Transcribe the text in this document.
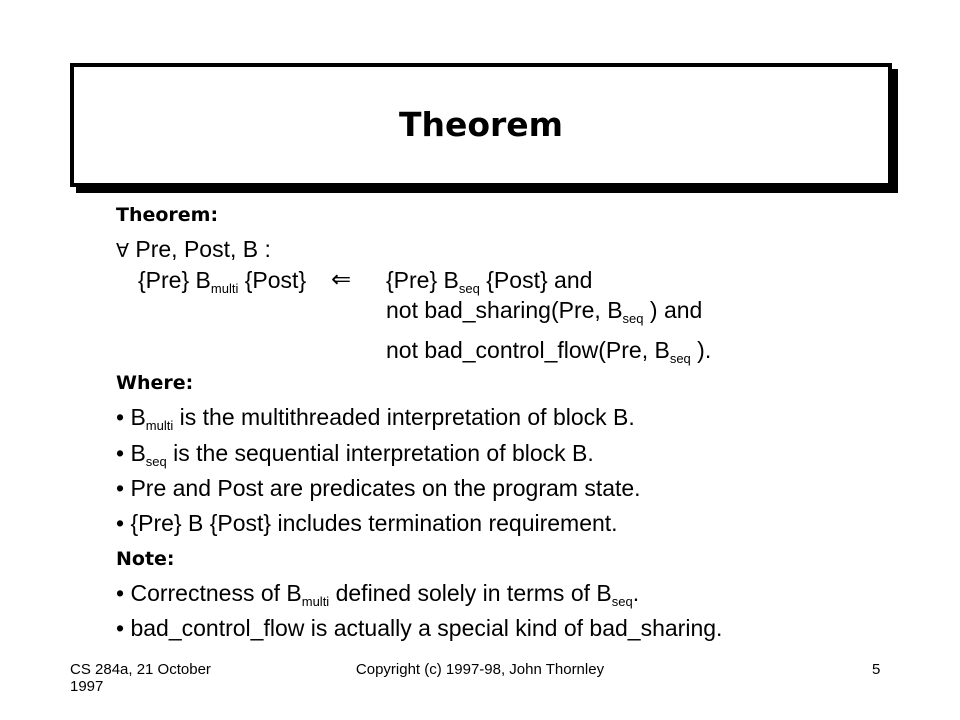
Theorem
Theorem:
∀ Pre, Post, B :
{Pre} $B_{multi}$ {Post} ⇐ {Pre} $B_{seq}$ {Post} and
not bad_sharing(Pre, $B_{seq}$ ) and
not bad_control_flow(Pre, $B_{seq}$ ).
Where:
• $B_{multi}$ is the multithreaded interpretation of block B.
• $B_{seq}$ is the sequential interpretation of block B.
• Pre and Post are predicates on the program state.
• {Pre} B {Post} includes termination requirement.
Note:
• Correctness of $B_{multi}$ defined solely in terms of $B_{seq}$.
• bad_control_flow is actually a special kind of bad_sharing.
CS 284a, 21 October
1997
Copyright (c) 1997-98, John Thornley	5
